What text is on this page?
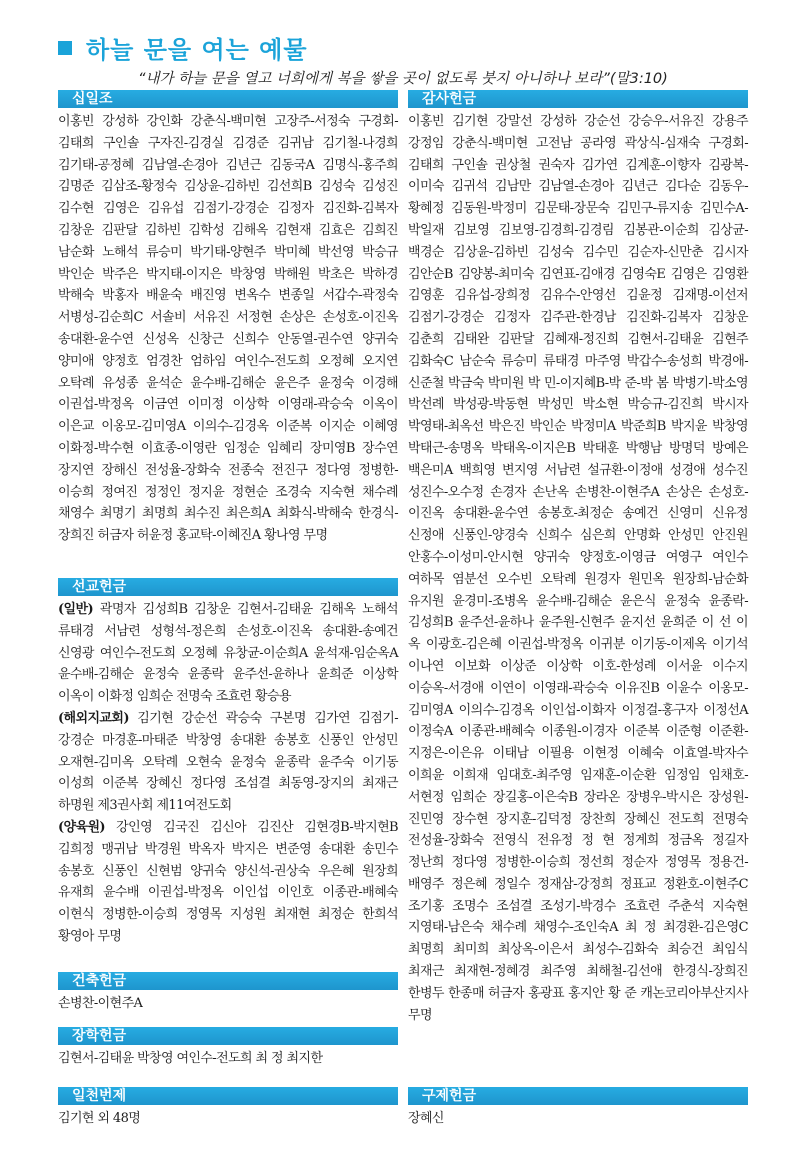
하늘 문을 여는 예물
“내가 하늘 문을 열고 너희에게 복을 쌓을 곳이 없도록 붓지 아니하나 보라”(말3:10)
십일조
이홍빈 강성하 강인화 강춘식-백미현 고장주-서정숙 구경회-김태희 구인솔 구자진-김경실 김경준 김귀남 김기철-나경희 김기태-공정혜 김남열-손경아 김년근 김동국A 김명식-홍주희 김명준 김삼조-황정숙 김상윤-김하빈 김선희B 김성숙 김성진 김수현 김영은 김유섭 김점기-강경순 김정자 김진화-김복자 김창운 김판달 김하빈 김학성 김해옥 김현재 김효은 김희진 남순화 노해석 류승미 박기태-양현주 박미혜 박선영 박승규 박인순 박주은 박지태-이지은 박창영 박해원 박초은 박하경 박해숙 박홍자 배윤숙 배진영 변옥수 변종일 서갑수-곽정숙 서병성-김순희C 서솔비 서유진 서정현 손상은 손성호-이진옥 송대환-윤수연 신성옥 신창근 신희수 안동열-권수연 양귀숙 양미애 양정호 엄경찬 엄하임 여인수-전도희 오정혜 오지연 오탁례 유성종 윤석순 윤수배-김해순 윤은주 윤정숙 이경해 이권섭-박정옥 이금연 이미정 이상학 이영래-곽승숙 이옥이 이은교 이옹모-김미영A 이의수-김경옥 이준복 이지순 이혜영 이화정-박수현 이효종-이영란 임정순 임혜리 장미영B 장수연 장지연 장해신 전성율-장화숙 전종숙 전진구 정다영 정병한-이승희 정여진 정정인 정지윤 정현순 조경숙 지숙현 채수례 채영수 최명기 최명희 최수진 최은희A 최화식-박해숙 한경식-장희진 허금자 허윤정 홍교탁-이혜진A 황나영 무명
선교헌금

(일반) 곽명자 김성희B 김창운 김현서-김태윤 김해옥 노해석 류태경 서남련 성형석-정은희 손성호-이진옥 송대환-송예건 신영광 여인수-전도희 오정혜 유창균-이순희A 윤석재-임순옥A 윤수배-김해순 윤정숙 윤종락 윤주선-윤하나 윤희준 이상학 이옥이 이화정 임희순 전명숙 조효련 황승용

(해외지교회) 김기현 강순선 곽승숙 구본명 김가연 김점기-강경순 마경훈-마태준 박창영 송대환 송봉호 신풍인 안성민 오재현-김미옥 오탁례 오현숙 윤정숙 윤종락 윤주숙 이기동 이성희 이준복 장혜신 정다영 조섬결 최동영-장지의 최재근 하명원 제3권사회 제11여전도회

(양육원) 강인영 김국진 김신아 김진산 김현경B-박지현B 김희정 맹귀남 박경원 박옥자 박지은 변준영 송대환 송민수 송봉호 신풍인 신현범 양귀숙 양신석-권상숙 우은혜 원장희 유재희 윤수배 이권섭-박정옥 이인섭 이인호 이종관-배혜숙 이현식 정병한-이승희 정영목 지성원 최재현 최정순 한희석 황영아 무명

건축헌금
손병찬-이현주A
장학헌금
김현서-김태윤 박창영 여인수-전도희 최 정 최지한
일천번제
김기현 외 48명
감사헌금
이홍빈 김기현 강말선 강성하 강순선 강승우-서유진 강용주 강정임 강춘식-백미현 고전남 공라영 곽상식-심재숙 구경회-김태희 구인솔 권상철 권숙자 김가연 김계훈-이향자 김광복-이미숙 김귀석 김남만 김남열-손경아 김년근 김다순 김동우-황혜정 김동원-박정미 김문태-장문숙 김민구-류지송 김민수A-박일재 김보영 김보영-김경희-김경림 김봉관-이순희 김상균-백경순 김상윤-김하빈 김성숙 김수민 김순자-신만춘 김시자 김안순B 김양봉-최미숙 김연표-김애경 김영숙E 김영은 김영환 김영훈 김유섭-장희정 김유수-안영선 김윤정 김재명-이선저 김점기-강경순 김정자 김주관-한경남 김진화-김복자 김창운 김춘희 김태완 김판달 김혜재-정진희 김현서-김태윤 김현주 김화숙C 남순숙 류승미 류태경 마주영 박갑수-송성희 박경애-신준철 박금숙 박미원 박 민-이지혜B-박 준-박 봄 박병기-박소영 박선례 박성광-박동현 박성민 박소현 박승규-김진희 박시자 박영태-최옥선 박은진 박인순 박정미A 박준희B 박지윤 박창영 박태근-송명옥 박태옥-이지은B 박태훈 박행남 방명덕 방예은 백은미A 백희영 변지영 서남련 설규환-이정애 성경애 성수진 성진수-오수정 손경자 손난옥 손병찬-이현주A 손상은 손성호-이진옥 송대환-윤수연 송봉호-최정순 송예건 신영미 신유정 신정애 신풍인-양경숙 신희수 심은희 안명화 안성민 안진원 안홍수-이성미-안시현 양귀숙 양정호-이영금 여영구 여인수 여하목 염분선 오수빈 오탁례 원경자 원민옥 원장희-남순화 유지원 윤경미-조병옥 윤수배-김해순 윤은식 윤정숙 윤종락-김성희B 윤주선-윤하나 윤주원-신현주 윤지선 윤희준 이 선 이 옥 이광호-김은혜 이권섭-박정옥 이귀분 이기동-이제옥 이기석 이나연 이보화 이상준 이상학 이호-한성례 이서윤 이수지 이승옥-서경애 이연이 이영래-곽승숙 이유진B 이윤수 이옹모-김미영A 이의수-김경옥 이인섭-이화자 이정걸-홍구자 이정선A 이정숙A 이종관-배혜숙 이종원-이경자 이준복 이준형 이준환-지정은-이은유 이태남 이필용 이현정 이혜숙 이효열-박자수 이희윤 이희재 임대호-최주영 임재훈-이순환 임정임 임채호-서현정 임희순 장길홍-이은숙B 장라온 장병우-박시은 장성원-진민영 장수현 장지훈-김덕정 장찬희 장혜신 전도희 전명숙 전성율-장화숙 전영식 전유정 정 현 정계희 정금옥 정길자 정난희 정다영 정병한-이승희 정선희 정순자 정영목 정용건-배영주 정은혜 정일수 정재삼-강정희 정표교 정환호-이현주C 조기홍 조명수 조섬결 조성기-박경수 조효련 주춘석 지숙현 지영태-남은숙 채수례 채영수-조인숙A 최 정 최경환-김은영C 최명희 최미희 최상옥-이은서 최성수-김화숙 최승건 최임식 최재근 최재현-정혜경 최주영 최해철-김선애 한경식-장희진 한병두 한종매 허금자 홍광표 홍지안 황 준 캐논코리아부산지사 무명
구제헌금
장혜신
